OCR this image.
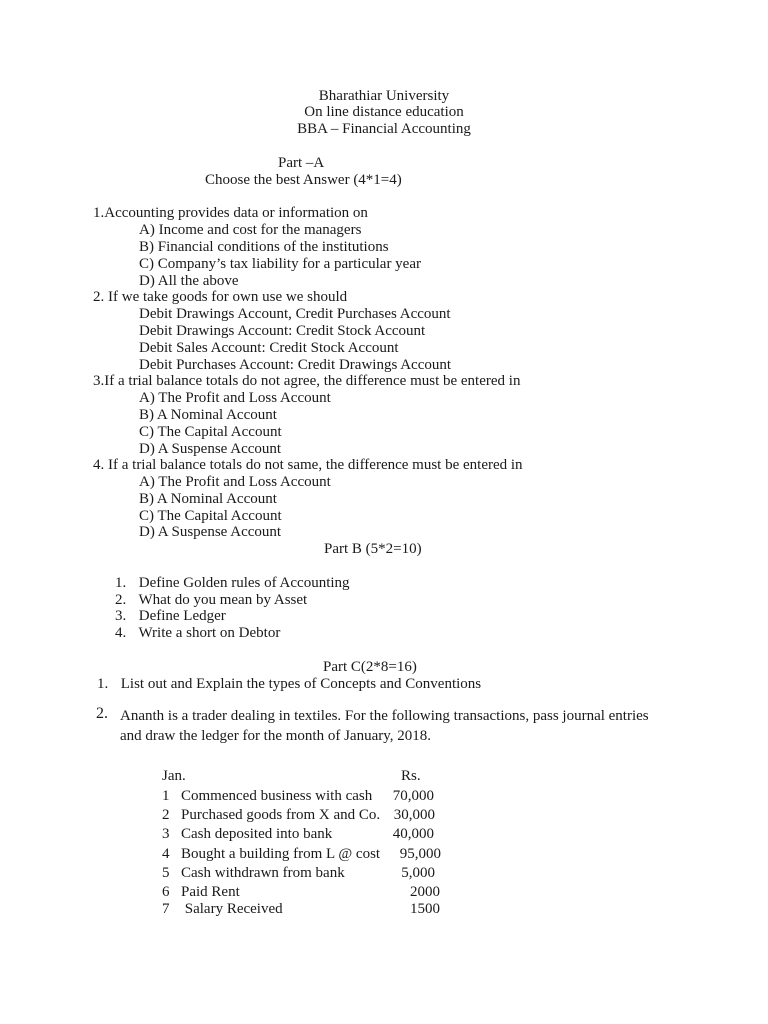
Bharathiar University
On line distance education
BBA – Financial Accounting
Part –A
Choose the best Answer (4*1=4)
1.Accounting provides data or information on
A) Income and cost for the managers
B) Financial conditions of the institutions
C) Company’s tax liability for a particular year
D) All the above
2. If we take goods for own use we should
Debit Drawings Account, Credit Purchases Account
Debit Drawings Account: Credit Stock Account
Debit Sales Account: Credit Stock Account
Debit Purchases Account: Credit Drawings Account
3.If a trial balance totals do not agree, the difference must be entered in
A) The Profit and Loss Account
B) A Nominal Account
C) The Capital Account
D) A Suspense Account
4. If a trial balance totals do not same, the difference must be entered in
A) The Profit and Loss Account
B) A Nominal Account
C) The Capital Account
D) A Suspense Account
Part B (5*2=10)
1. Define Golden rules of Accounting
2. What do you mean by Asset
3. Define Ledger
4. Write a short on Debtor
Part C(2*8=16)
1. List out and Explain the types of Concepts and Conventions
2. Ananth is a trader dealing in textiles. For the following transactions, pass journal entries
and draw the ledger for the month of January, 2018.
Jan.	Rs.
1 Commenced business with cash	70,000
2 Purchased goods from X and Co. 30,000
3 Cash deposited into bank	40,000
4 Bought a building from L @ cost	95,000
5 Cash withdrawn from bank	5,000
6 Paid Rent	2000
7 Salary Received	1500
